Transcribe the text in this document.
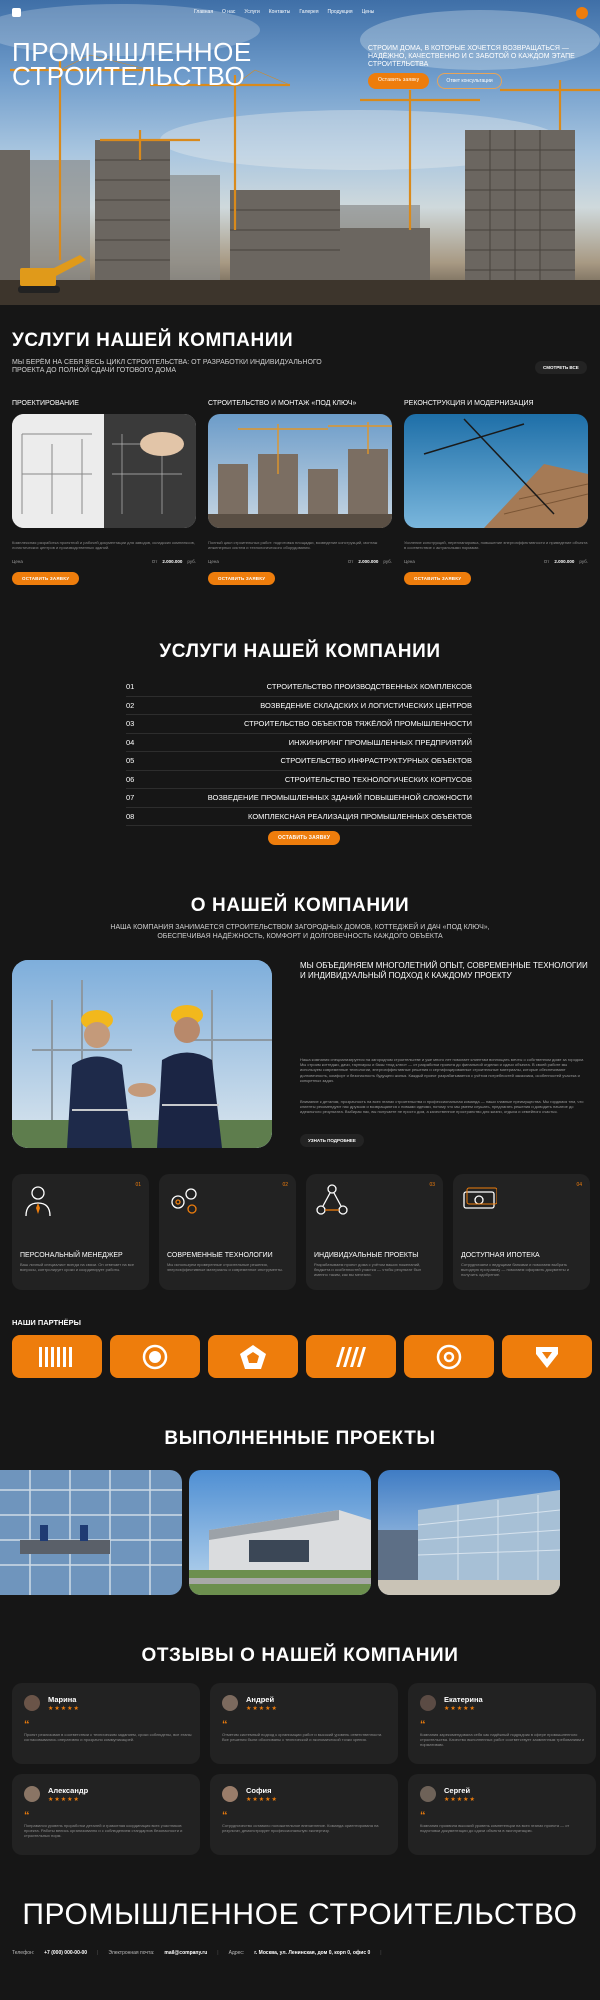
Главная О нас Услуги Контакты Галерея Продукция Цены
ПРОМЫШЛЕННОЕ
СТРОИТЕЛЬСТВО
СТРОИМ ДОМА, В КОТОРЫЕ ХОЧЕТСЯ ВОЗВРАЩАТЬСЯ — НАДЁЖНО, КАЧЕСТВЕННО И С ЗАБОТОЙ О КАЖДОМ ЭТАПЕ СТРОИТЕЛЬСТВА
Оставить заявку	Ответ консультации
УСЛУГИ НАШЕЙ КОМПАНИИ
МЫ БЕРЁМ НА СЕБЯ ВЕСЬ ЦИКЛ СТРОИТЕЛЬСТВА: ОТ РАЗРАБОТКИ ИНДИВИДУАЛЬНОГО ПРОЕКТА ДО ПОЛНОЙ СДАЧИ ГОТОВОГО ДОМА	СМОТРЕТЬ ВСЕ
ПРОЕКТИРОВАНИЕ
Комплексная разработка проектной и рабочей документации для заводов, складских комплексов, логистических центров и производственных зданий.
Цена	От 2.000.000 руб.
ОСТАВИТЬ ЗАЯВКУ
СТРОИТЕЛЬСТВО И МОНТАЖ «ПОД КЛЮЧ»
Полный цикл строительных работ: подготовка площадки, возведение конструкций, монтаж инженерных систем и технологического оборудования.
Цена	От 2.000.000 руб.
ОСТАВИТЬ ЗАЯВКУ
РЕКОНСТРУКЦИЯ И МОДЕРНИЗАЦИЯ
Усиление конструкций, перепланировка, повышение энергоэффективности и приведение объекта в соответствие с актуальными нормами.
Цена	От 2.000.000 руб.
ОСТАВИТЬ ЗАЯВКУ
УСЛУГИ НАШЕЙ КОМПАНИИ
01	СТРОИТЕЛЬСТВО ПРОИЗВОДСТВЕННЫХ КОМПЛЕКСОВ
02	ВОЗВЕДЕНИЕ СКЛАДСКИХ И ЛОГИСТИЧЕСКИХ ЦЕНТРОВ
03	СТРОИТЕЛЬСТВО ОБЪЕКТОВ ТЯЖЁЛОЙ ПРОМЫШЛЕННОСТИ
04	ИНЖИНИРИНГ ПРОМЫШЛЕННЫХ ПРЕДПРИЯТИЙ
05	СТРОИТЕЛЬСТВО ИНФРАСТРУКТУРНЫХ ОБЪЕКТОВ
06	СТРОИТЕЛЬСТВО ТЕХНОЛОГИЧЕСКИХ КОРПУСОВ
07	ВОЗВЕДЕНИЕ ПРОМЫШЛЕННЫХ ЗДАНИЙ ПОВЫШЕННОЙ СЛОЖНОСТИ
08	КОМПЛЕКСНАЯ РЕАЛИЗАЦИЯ ПРОМЫШЛЕННЫХ ОБЪЕКТОВ
ОСТАВИТЬ ЗАЯВКУ
О НАШЕЙ КОМПАНИИ
НАША КОМПАНИЯ ЗАНИМАЕТСЯ СТРОИТЕЛЬСТВОМ ЗАГОРОДНЫХ ДОМОВ, КОТТЕДЖЕЙ И ДАЧ «ПОД КЛЮЧ», ОБЕСПЕЧИВАЯ НАДЁЖНОСТЬ, КОМФОРТ И ДОЛГОВЕЧНОСТЬ КАЖДОГО ОБЪЕКТА
МЫ ОБЪЕДИНЯЕМ МНОГОЛЕТНИЙ ОПЫТ, СОВРЕМЕННЫЕ ТЕХНОЛОГИИ И ИНДИВИДУАЛЬНЫЙ ПОДХОД К КАЖДОМУ ПРОЕКТУ

Наша компания специализируется на загородном строительстве и уже много лет помогает клиентам воплощать мечты о собственном доме за городом. Мы строим коттеджи, дачи, таунхаусы и базы «под ключ» — от разработки проекта до финальной отделки и сдачи объекта. В своей работе мы используем современные технологии, энергоэффективные решения и сертифицированные строительные материалы, которые обеспечивают долговечность, комфорт и безопасность будущего жилья. Каждый проект разрабатывается с учётом потребностей заказчика, особенностей участка и конкретных задач.

Внимание к деталям, прозрачность на всех этапах строительства и профессиональная команда — наши главные преимущества. Мы гордимся тем, что клиенты рекомендуют нас друзьям и возвращаются с новыми идеями, потому что мы умеем слушать, предлагать решения и доводить начатое до идеального результата. Выбирая нас, вы получаете не просто дом, а качественное пространство для жизни, отдыха и семейного счастья.

УЗНАТЬ ПОДРОБНЕЕ
01
ПЕРСОНАЛЬНЫЙ МЕНЕДЖЕР
Ваш личный специалист всегда на связи. Он отвечает на все вопросы, контролирует сроки и координирует работы.
02
СОВРЕМЕННЫЕ ТЕХНОЛОГИИ
Мы используем проверенные строительные решения, энергоэффективные материалы и современное инструменты.
03
ИНДИВИДУАЛЬНЫЕ ПРОЕКТЫ
Разрабатываем проект дома с учётом ваших пожеланий, бюджета и особенностей участка — чтобы результат был именно таким, как вы мечтали.
04
ДОСТУПНАЯ ИПОТЕКА
Сотрудничаем с ведущими банками и помогаем выбрать выгодную программу — помогаем оформить документы и получить одобрение.
НАШИ ПАРТНЁРЫ
ВЫПОЛНЕННЫЕ ПРОЕКТЫ
ОТЗЫВЫ О НАШЕЙ КОМПАНИИ
Марина
★★★★★
“
Проект реализован в соответствии с техническим заданием, сроки соблюдены, все этапы согласовывались оперативно и прозрачно коммуникацией.
Андрей
★★★★★
“
Отметим системный подход к организации работ и высокий уровень ответственности. Все решения были обоснованы с технической и экономической точки зрения.
Екатерина
★★★★★
“
Компания зарекомендовала себя как надёжный подрядчик в сфере промышленного строительства. Качество выполненных работ соответствует заявленным требованиям и нормативам.
Александр
★★★★★
“
Понравился уровень проработки деталей и грамотная координация всех участников проекта. Работы велись организованно и с соблюдением стандартов безопасности и строительных норм.
София
★★★★★
“
Сотрудничество оставило положительное впечатление. Команда ориентирована на результат, демонстрирует профессиональную экспертизу.
Сергей
★★★★★
“
Компания проявила высокий уровень компетенции на всех этапах проекта — от подготовки документации до сдачи объекта в эксплуатацию.
ПРОМЫШЛЕННОЕ СТРОИТЕЛЬСТВО
Телефон: +7 (000) 000-00-00 | Электронная почта: mail@company.ru | Адрес: г. Москва, ул. Ленинская, дом 0, корп 0, офис 0 |
